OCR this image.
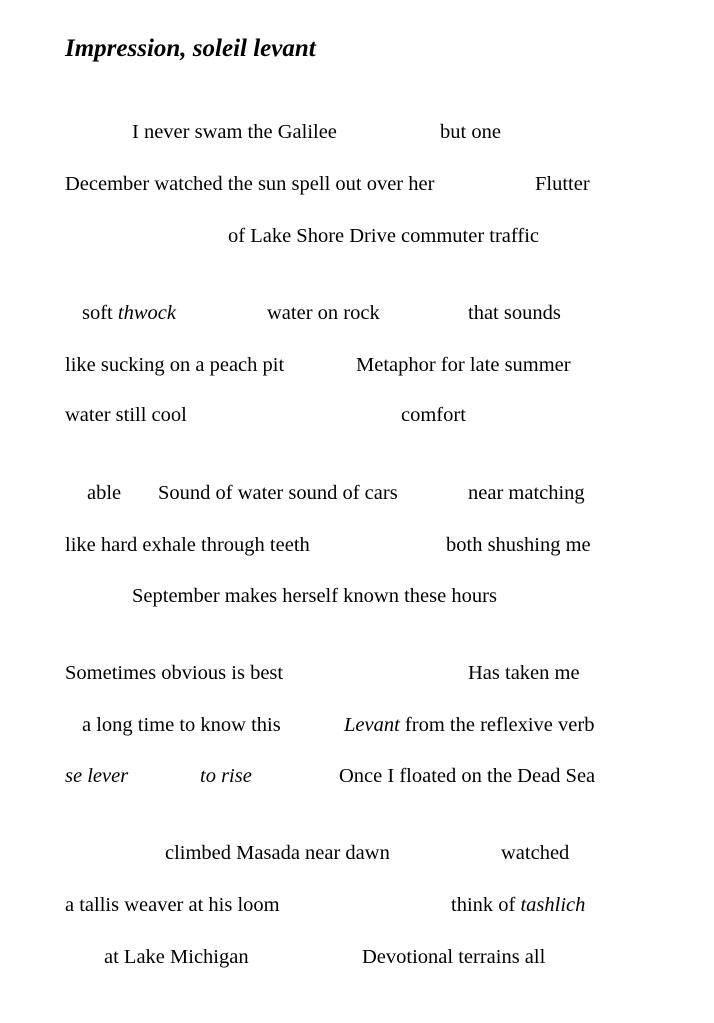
Impression, soleil levant
I never swam the Galilee	but one
December watched the sun spell out over her	Flutter
of Lake Shore Drive commuter traffic
soft thwock	water on rock	that sounds
like sucking on a peach pit	Metaphor for late summer
water still cool	comfort
able Sound of water sound of cars	near matching
like hard exhale through teeth	both shushing me
September makes herself known these hours
Sometimes obvious is best	Has taken me
a long time to know this	Levant from the reflexive verb
se lever	to rise	Once I floated on the Dead Sea
climbed Masada near dawn	watched
a tallis weaver at his loom	think of tashlich
at Lake Michigan	Devotional terrains all
